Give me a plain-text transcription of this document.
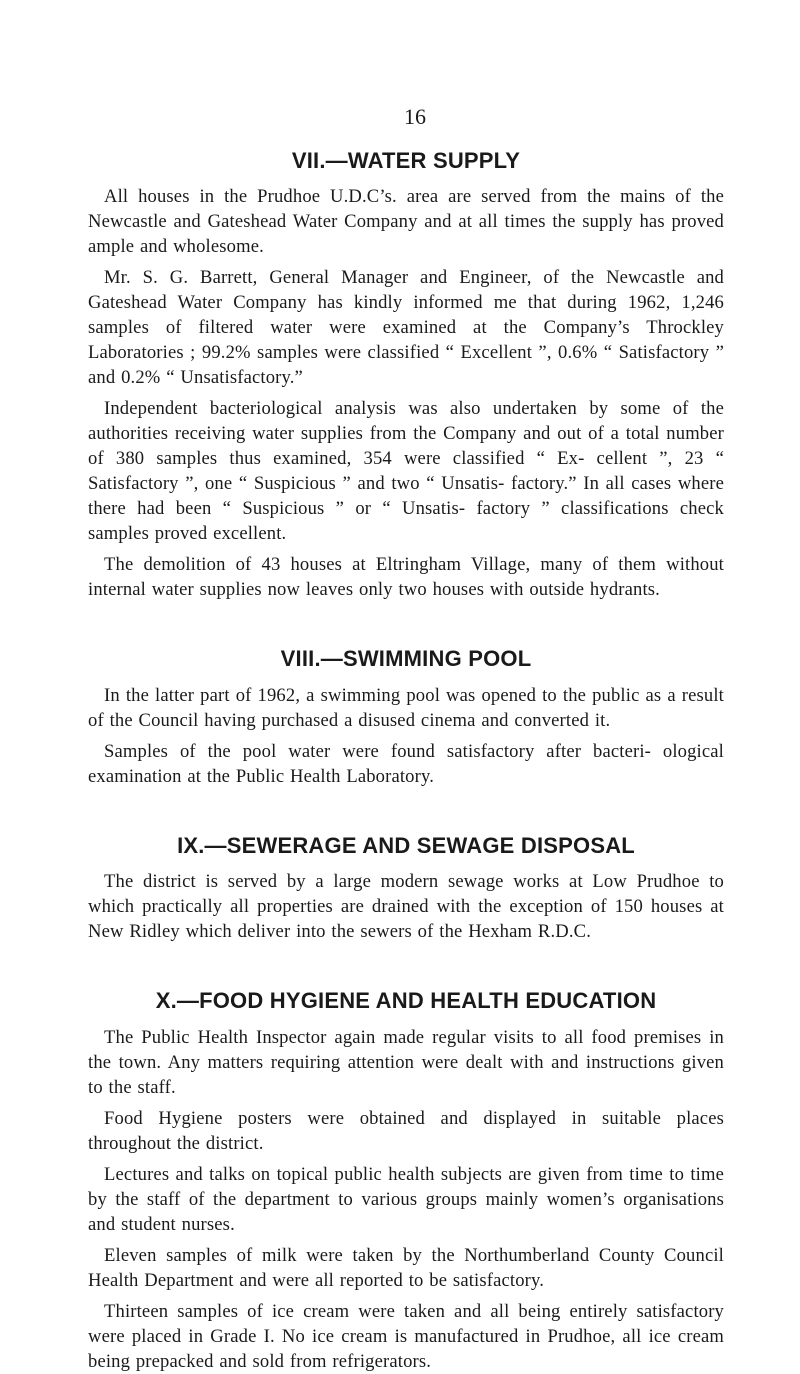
16
VII.—WATER SUPPLY

All houses in the Prudhoe U.D.C’s. area are served from the mains of the Newcastle and Gateshead Water Company and at all times the supply has proved ample and wholesome.

Mr. S. G. Barrett, General Manager and Engineer, of the Newcastle and Gateshead Water Company has kindly informed me that during 1962, 1,246 samples of filtered water were examined at the Company’s Throckley Laboratories ; 99.2% samples were classified “ Excellent ”, 0.6% “ Satisfactory ” and 0.2% “ Unsatisfactory.”

Independent bacteriological analysis was also undertaken by some of the authorities receiving water supplies from the Company and out of a total number of 380 samples thus examined, 354 were classified “ Ex- cellent ”, 23 “ Satisfactory ”, one “ Suspicious ” and two “ Unsatis- factory.” In all cases where there had been “ Suspicious ” or “ Unsatis- factory ” classifications check samples proved excellent.

The demolition of 43 houses at Eltringham Village, many of them without internal water supplies now leaves only two houses with outside hydrants.

VIII.—SWIMMING POOL

In the latter part of 1962, a swimming pool was opened to the public as a result of the Council having purchased a disused cinema and converted it.

Samples of the pool water were found satisfactory after bacteri- ological examination at the Public Health Laboratory.

IX.—SEWERAGE AND SEWAGE DISPOSAL

The district is served by a large modern sewage works at Low Prudhoe to which practically all properties are drained with the exception of 150 houses at New Ridley which deliver into the sewers of the Hexham R.D.C.

X.—FOOD HYGIENE AND HEALTH EDUCATION

The Public Health Inspector again made regular visits to all food premises in the town. Any matters requiring attention were dealt with and instructions given to the staff.

Food Hygiene posters were obtained and displayed in suitable places throughout the district.

Lectures and talks on topical public health subjects are given from time to time by the staff of the department to various groups mainly women’s organisations and student nurses.

Eleven samples of milk were taken by the Northumberland County Council Health Department and were all reported to be satisfactory.

Thirteen samples of ice cream were taken and all being entirely satisfactory were placed in Grade I. No ice cream is manufactured in Prudhoe, all ice cream being prepacked and sold from refrigerators.
